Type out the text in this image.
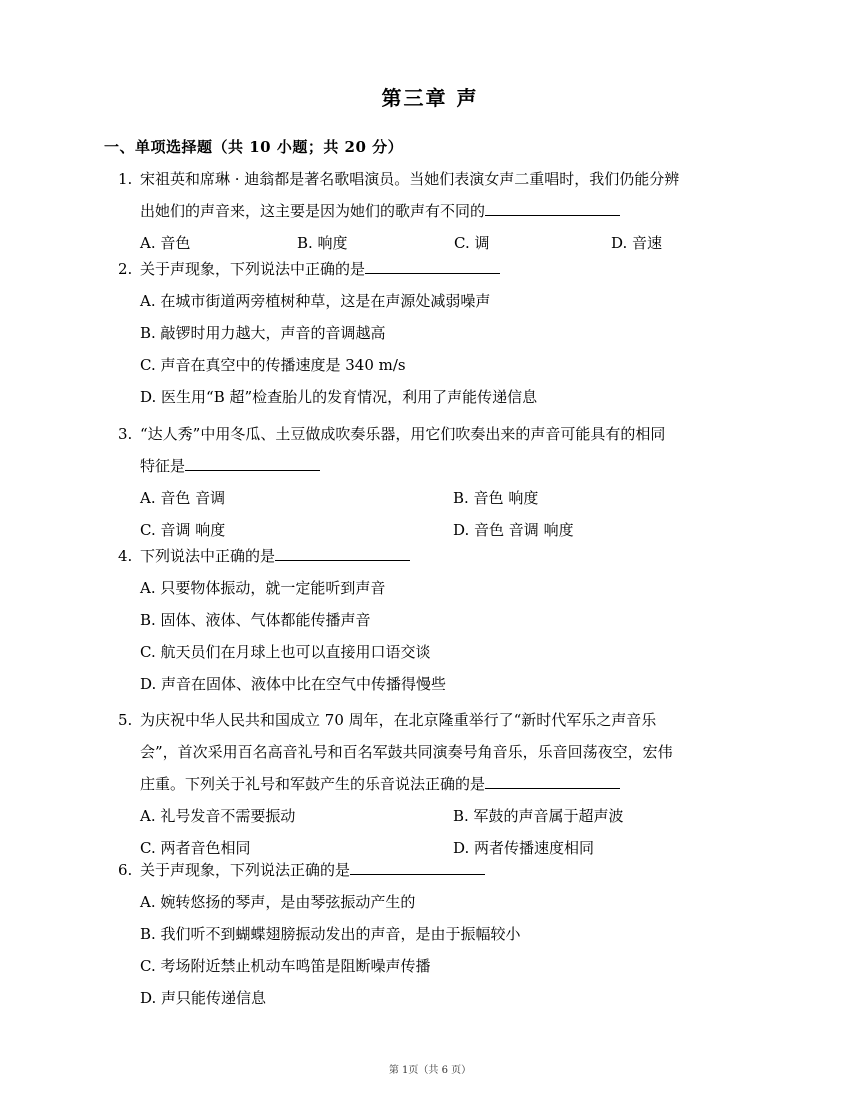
第三章 声
一、单项选择题（共 10 小题；共 20 分）
1. 宋祖英和席琳 · 迪翁都是著名歌唱演员。当她们表演女声二重唱时，我们仍能分辨
出她们的声音来，这主要是因为她们的歌声有不同的
A. 音色	B. 响度	C. 调	D. 音速
2. 关于声现象，下列说法中正确的是
A. 在城市街道两旁植树种草，这是在声源处减弱噪声
B. 敲锣时用力越大，声音的音调越高
C. 声音在真空中的传播速度是 340 m/s
D. 医生用“B 超”检查胎儿的发育情况，利用了声能传递信息
3. “达人秀”中用冬瓜、土豆做成吹奏乐器，用它们吹奏出来的声音可能具有的相同
特征是
A. 音色 音调	B. 音色 响度
C. 音调 响度	D. 音色 音调 响度
4. 下列说法中正确的是
A. 只要物体振动，就一定能听到声音
B. 固体、液体、气体都能传播声音
C. 航天员们在月球上也可以直接用口语交谈
D. 声音在固体、液体中比在空气中传播得慢些
5. 为庆祝中华人民共和国成立 70 周年，在北京隆重举行了“新时代军乐之声音乐
会”，首次采用百名高音礼号和百名军鼓共同演奏号角音乐，乐音回荡夜空，宏伟
庄重。下列关于礼号和军鼓产生的乐音说法正确的是
A. 礼号发音不需要振动	B. 军鼓的声音属于超声波
C. 两者音色相同	D. 两者传播速度相同
6. 关于声现象，下列说法正确的是
A. 婉转悠扬的琴声，是由琴弦振动产生的
B. 我们听不到蝴蝶翅膀振动发出的声音，是由于振幅较小
C. 考场附近禁止机动车鸣笛是阻断噪声传播
D. 声只能传递信息
第 1页（共 6 页）
